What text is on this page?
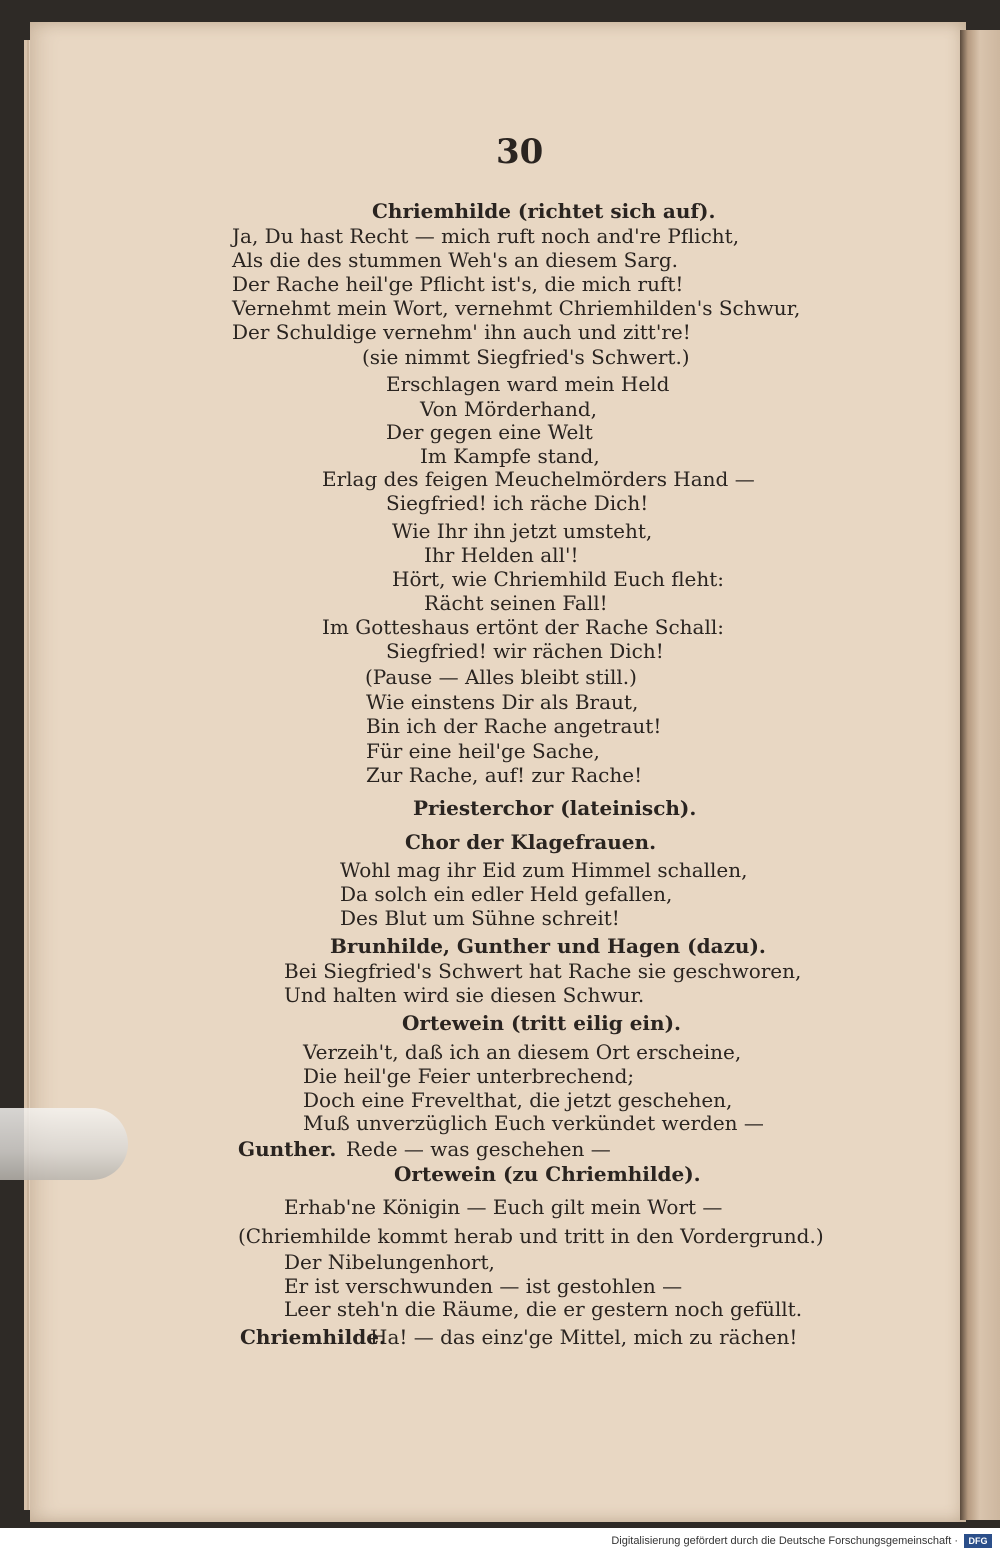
30
Chriemhilde (richtet sich auf).
Ja, Du hast Recht — mich ruft noch and're Pflicht,
Als die des stummen Weh's an diesem Sarg.
Der Rache heil'ge Pflicht ist's, die mich ruft!
Vernehmt mein Wort, vernehmt Chriemhilden's Schwur,
Der Schuldige vernehm' ihn auch und zitt're!
(sie nimmt Siegfried's Schwert.)
Erschlagen ward mein Held
Von Mörderhand,
Der gegen eine Welt
Im Kampfe stand,
Erlag des feigen Meuchelmörders Hand —
Siegfried! ich räche Dich!
Wie Ihr ihn jetzt umsteht,
Ihr Helden all'!
Hört, wie Chriemhild Euch fleht:
Rächt seinen Fall!
Im Gotteshaus ertönt der Rache Schall:
Siegfried! wir rächen Dich!
(Pause — Alles bleibt still.)
Wie einstens Dir als Braut,
Bin ich der Rache angetraut!
Für eine heil'ge Sache,
Zur Rache, auf! zur Rache!
Priesterchor (lateinisch).
Chor der Klagefrauen.
Wohl mag ihr Eid zum Himmel schallen,
Da solch ein edler Held gefallen,
Des Blut um Sühne schreit!
Brunhilde, Gunther und Hagen (dazu).
Bei Siegfried's Schwert hat Rache sie geschworen,
Und halten wird sie diesen Schwur.
Ortewein (tritt eilig ein).
Verzeih't, daß ich an diesem Ort erscheine,
Die heil'ge Feier unterbrechend;
Doch eine Frevelthat, die jetzt geschehen,
Muß unverzüglich Euch verkündet werden —
Gunther. Rede — was geschehen —
Ortewein (zu Chriemhilde).
Erhab'ne Königin — Euch gilt mein Wort —
(Chriemhilde kommt herab und tritt in den Vordergrund.)
Der Nibelungenhort,
Er ist verschwunden — ist gestohlen —
Leer steh'n die Räume, die er gestern noch gefüllt.
Chriemhilde.
Ha! — das einz'ge Mittel, mich zu rächen!
Digitalisierung gefördert durch die Deutsche Forschungsgemeinschaft ·	DFG
